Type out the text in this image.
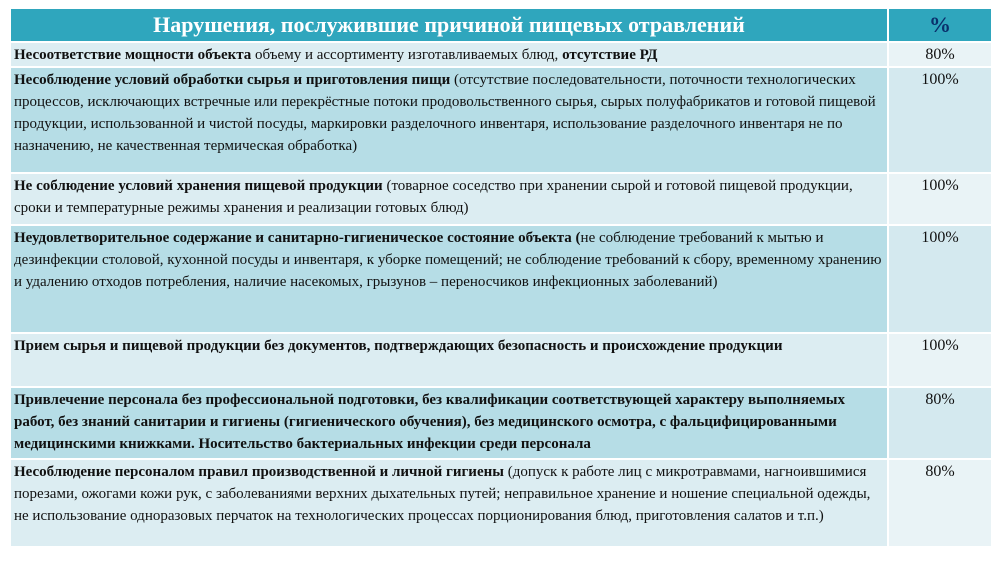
Нарушения, послужившие причиной пищевых отравлений	%
Несоответствие мощности объекта объему и ассортименту изготавливаемых блюд, отсутствие РД	80%
Несоблюдение условий обработки сырья и приготовления пищи (отсутствие последовательности, поточности технологических процессов, исключающих встречные или перекрёстные потоки продовольственного сырья, сырых полуфабрикатов и готовой пищевой продукции, использованной и чистой посуды, маркировки разделочного инвентаря, использование разделочного инвентаря не по назначению, не качественная термическая обработка)	100%
Не соблюдение условий хранения пищевой продукции (товарное соседство при хранении сырой и готовой пищевой продукции, сроки и температурные режимы хранения и реализации готовых блюд)	100%
Неудовлетворительное содержание и санитарно-гигиеническое состояние объекта (не соблюдение требований к мытью и дезинфекции столовой, кухонной посуды и инвентаря, к уборке помещений; не соблюдение требований к сбору, временному хранению и удалению отходов потребления, наличие насекомых, грызунов – переносчиков инфекционных заболеваний)	100%
Прием сырья и пищевой продукции без документов, подтверждающих безопасность и происхождение продукции	100%
Привлечение персонала без профессиональной подготовки, без квалификации соответствующей характеру выполняемых работ, без знаний санитарии и гигиены (гигиенического обучения), без медицинского осмотра, с фальцифицированными медицинскими книжками. Носительство бактериальных инфекции среди персонала	80%
Несоблюдение персоналом правил производственной и личной гигиены (допуск к работе лиц с микротравмами, нагноившимися порезами, ожогами кожи рук, с заболеваниями верхних дыхательных путей; неправильное хранение и ношение специальной одежды, не использование одноразовых перчаток на технологических процессах порционирования блюд, приготовления салатов и т.п.)	80%
